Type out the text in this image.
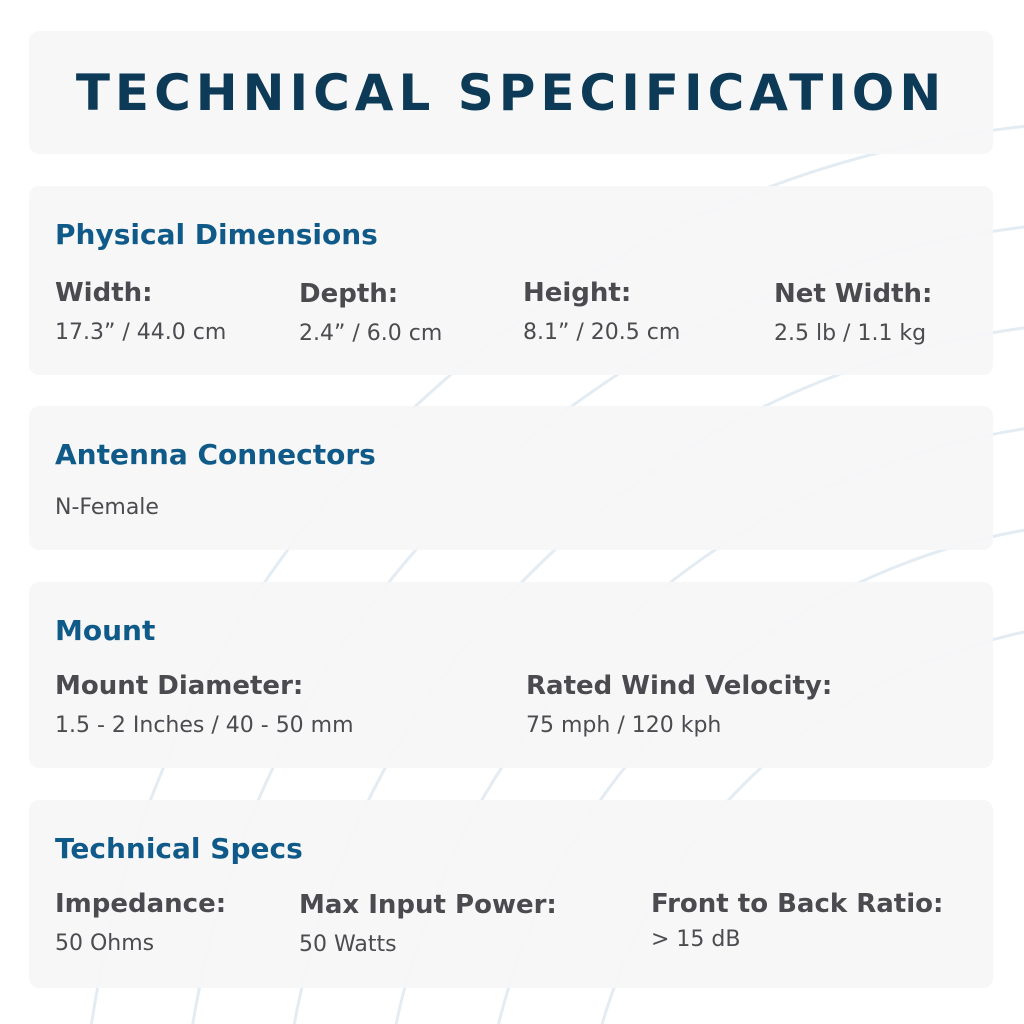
TECHNICAL SPECIFICATION
Physical Dimensions
Width:
17.3” / 44.0 cm
Depth:
2.4” / 6.0 cm
Height:
8.1” / 20.5 cm
Net Width:
2.5 lb / 1.1 kg
Antenna Connectors
N-Female
Mount
Mount Diameter:
1.5 - 2 Inches / 40 - 50 mm
Rated Wind Velocity:
75 mph / 120 kph
Technical Specs
Impedance:
50 Ohms
Max Input Power:
50 Watts
Front to Back Ratio:
> 15 dB
